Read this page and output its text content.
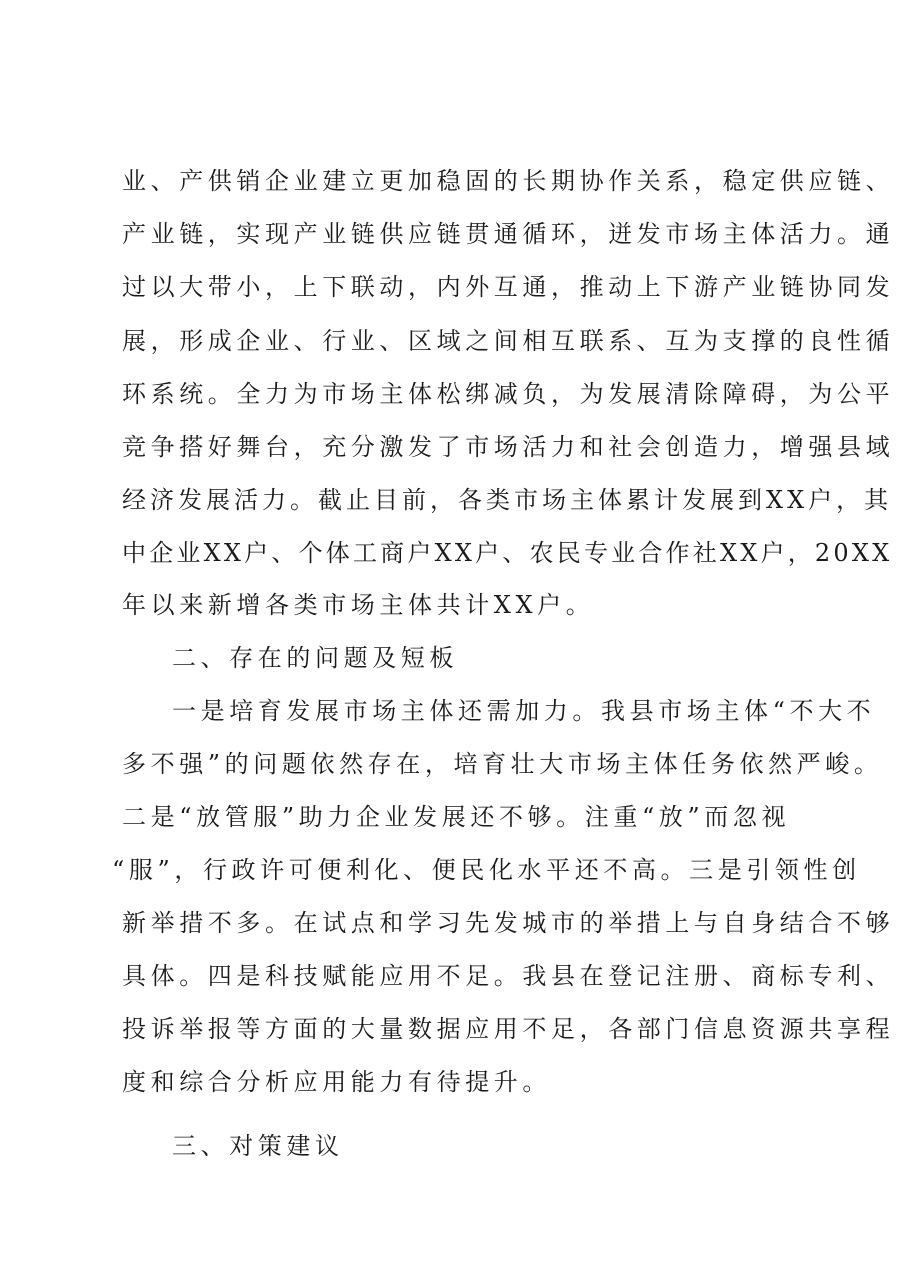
业、产供销企业建立更加稳固的长期协作关系，稳定供应链、
产业链，实现产业链供应链贯通循环，迸发市场主体活力。通
过以大带小，上下联动，内外互通，推动上下游产业链协同发
展，形成企业、行业、区域之间相互联系、互为支撑的良性循
环系统。全力为市场主体松绑减负，为发展清除障碍，为公平
竞争搭好舞台，充分激发了市场活力和社会创造力，增强县域
经济发展活力。截止目前，各类市场主体累计发展到XX户，其
中企业XX户、个体工商户XX户、农民专业合作社XX户，20XX
年以来新增各类市场主体共计XX户。
二、存在的问题及短板
一是培育发展市场主体还需加力。我县市场主体“不大不
多不强”的问题依然存在，培育壮大市场主体任务依然严峻。
二是“放管服”助力企业发展还不够。注重“放”而忽视
“服”，行政许可便利化、便民化水平还不高。三是引领性创
新举措不多。在试点和学习先发城市的举措上与自身结合不够
具体。四是科技赋能应用不足。我县在登记注册、商标专利、
投诉举报等方面的大量数据应用不足，各部门信息资源共享程
度和综合分析应用能力有待提升。
三、对策建议
